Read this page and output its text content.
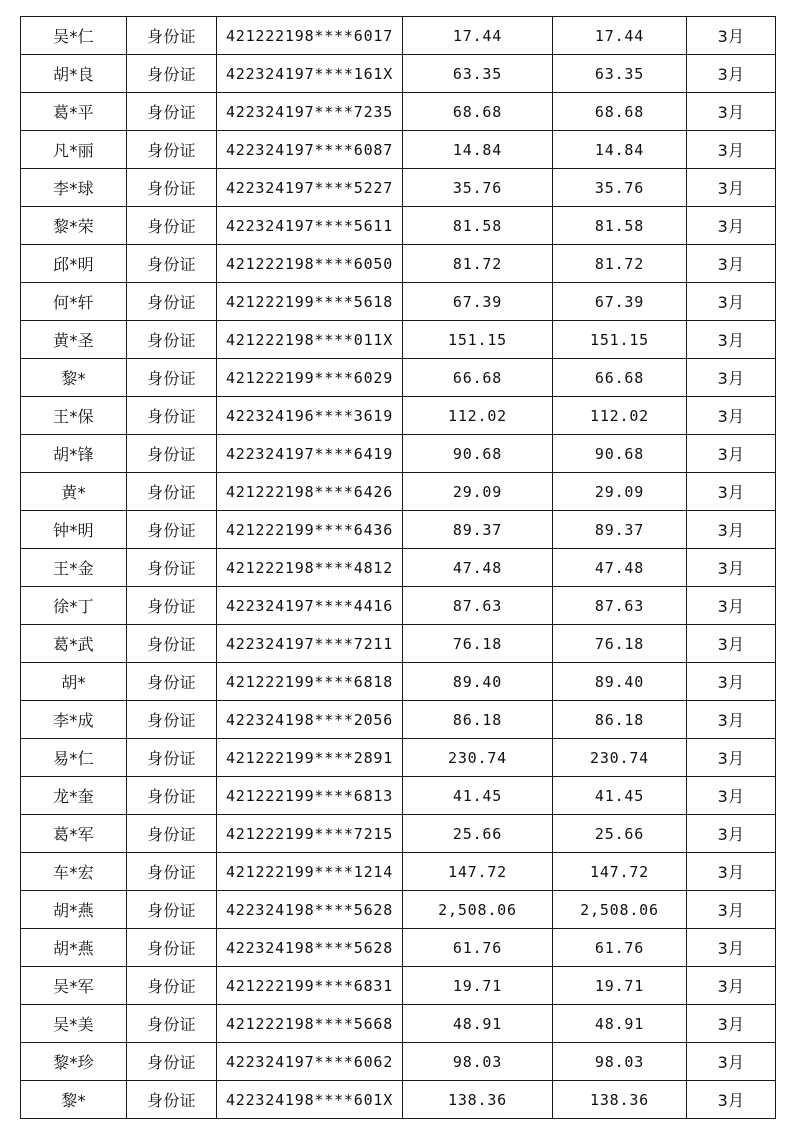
吴*仁	身份证	421222198****6017	17.44	17.44	3月
胡*良	身份证	422324197****161X	63.35	63.35	3月
葛*平	身份证	422324197****7235	68.68	68.68	3月
凡*丽	身份证	422324197****6087	14.84	14.84	3月
李*球	身份证	422324197****5227	35.76	35.76	3月
黎*荣	身份证	422324197****5611	81.58	81.58	3月
邱*明	身份证	421222198****6050	81.72	81.72	3月
何*轩	身份证	421222199****5618	67.39	67.39	3月
黄*圣	身份证	421222198****011X	151.15	151.15	3月
黎*	身份证	421222199****6029	66.68	66.68	3月
王*保	身份证	422324196****3619	112.02	112.02	3月
胡*锋	身份证	422324197****6419	90.68	90.68	3月
黄*	身份证	421222198****6426	29.09	29.09	3月
钟*明	身份证	421222199****6436	89.37	89.37	3月
王*金	身份证	421222198****4812	47.48	47.48	3月
徐*丁	身份证	422324197****4416	87.63	87.63	3月
葛*武	身份证	422324197****7211	76.18	76.18	3月
胡*	身份证	421222199****6818	89.40	89.40	3月
李*成	身份证	422324198****2056	86.18	86.18	3月
易*仁	身份证	421222199****2891	230.74	230.74	3月
龙*奎	身份证	421222199****6813	41.45	41.45	3月
葛*军	身份证	421222199****7215	25.66	25.66	3月
车*宏	身份证	421222199****1214	147.72	147.72	3月
胡*燕	身份证	422324198****5628	2,508.06	2,508.06	3月
胡*燕	身份证	422324198****5628	61.76	61.76	3月
吴*军	身份证	421222199****6831	19.71	19.71	3月
吴*美	身份证	421222198****5668	48.91	48.91	3月
黎*珍	身份证	422324197****6062	98.03	98.03	3月
黎*	身份证	422324198****601X	138.36	138.36	3月
